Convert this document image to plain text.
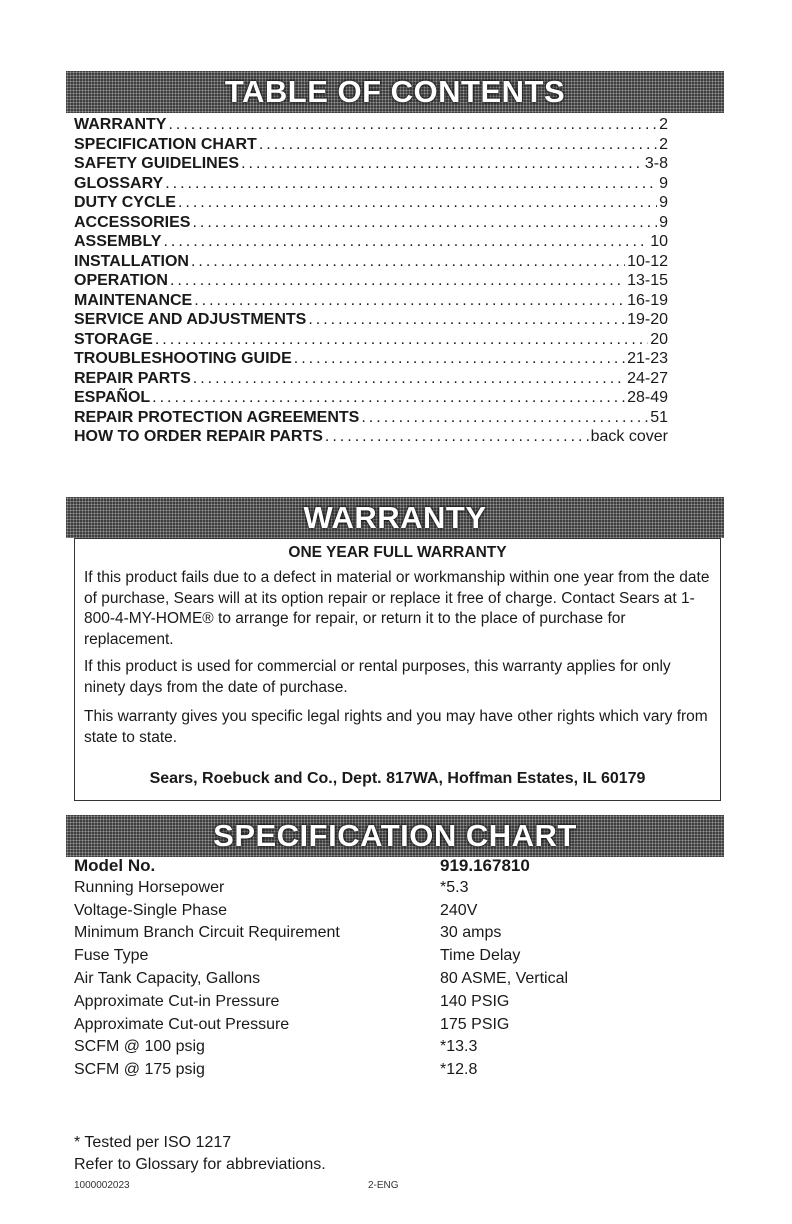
TABLE OF CONTENTS
WARRANTY .....	2
SPECIFICATION CHART .....	2
SAFETY GUIDELINES .....	3-8
GLOSSARY .....	9
DUTY CYCLE .....	9
ACCESSORIES .....	9
ASSEMBLY .....	10
INSTALLATION .....	10-12
OPERATION .....	13-15
MAINTENANCE .....	16-19
SERVICE AND ADJUSTMENTS .....	19-20
STORAGE .....	20
TROUBLESHOOTING GUIDE .....	21-23
REPAIR PARTS .....	24-27
ESPAÑOL .....	28-49
REPAIR PROTECTION AGREEMENTS .....	51
HOW TO ORDER REPAIR PARTS .....	back cover
WARRANTY
ONE YEAR FULL WARRANTY

If this product fails due to a defect in material or workmanship within one year from the date of purchase, Sears will at its option repair or replace it free of charge. Contact Sears at 1-800-4-MY-HOME® to arrange for repair, or return it to the place of purchase for replacement.

If this product is used for commercial or rental purposes, this warranty applies for only ninety days from the date of purchase.

This warranty gives you specific legal rights and you may have other rights which vary from state to state.

Sears, Roebuck and Co., Dept. 817WA, Hoffman Estates, IL 60179
SPECIFICATION CHART
Model No.	919.167810
Running Horsepower	*5.3
Voltage-Single Phase	240V
Minimum Branch Circuit Requirement	30 amps
Fuse Type	Time Delay
Air Tank Capacity, Gallons	80 ASME, Vertical
Approximate Cut-in Pressure	140 PSIG
Approximate Cut-out Pressure	175 PSIG
SCFM @ 100 psig	*13.3
SCFM @ 175 psig	*12.8
* Tested per ISO 1217
Refer to Glossary for abbreviations.
1000002023	2-ENG
